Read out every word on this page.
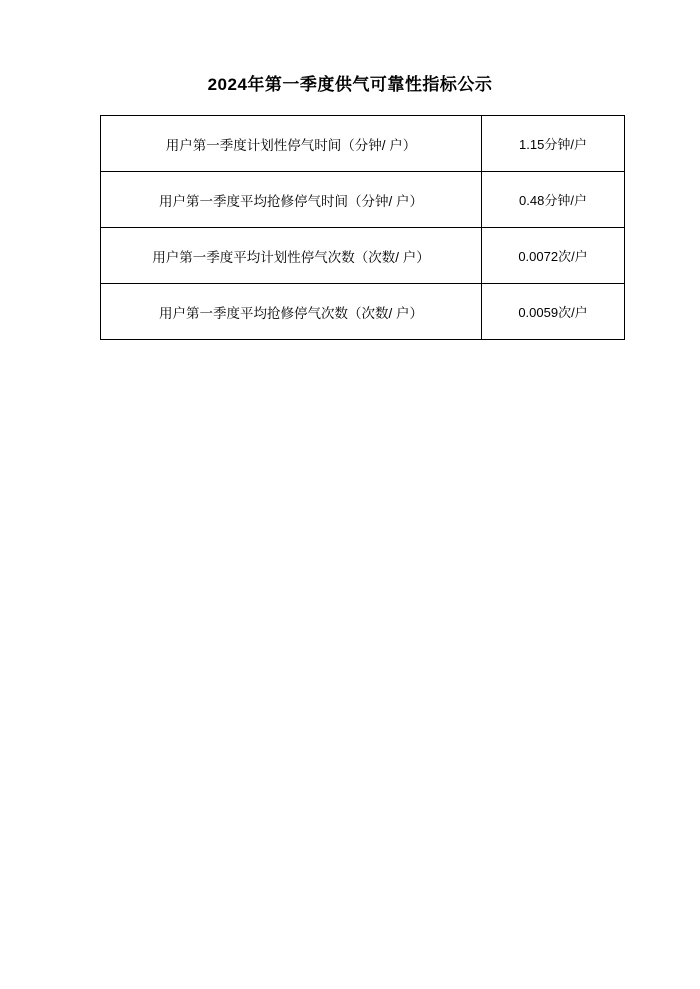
2024年第一季度供气可靠性指标公示
用户第一季度计划性停气时间（分钟/ 户）	1.15分钟/户
用户第一季度平均抢修停气时间（分钟/ 户）	0.48分钟/户
用户第一季度平均计划性停气次数（次数/ 户）	0.0072次/户
用户第一季度平均抢修停气次数（次数/ 户）	0.0059次/户
